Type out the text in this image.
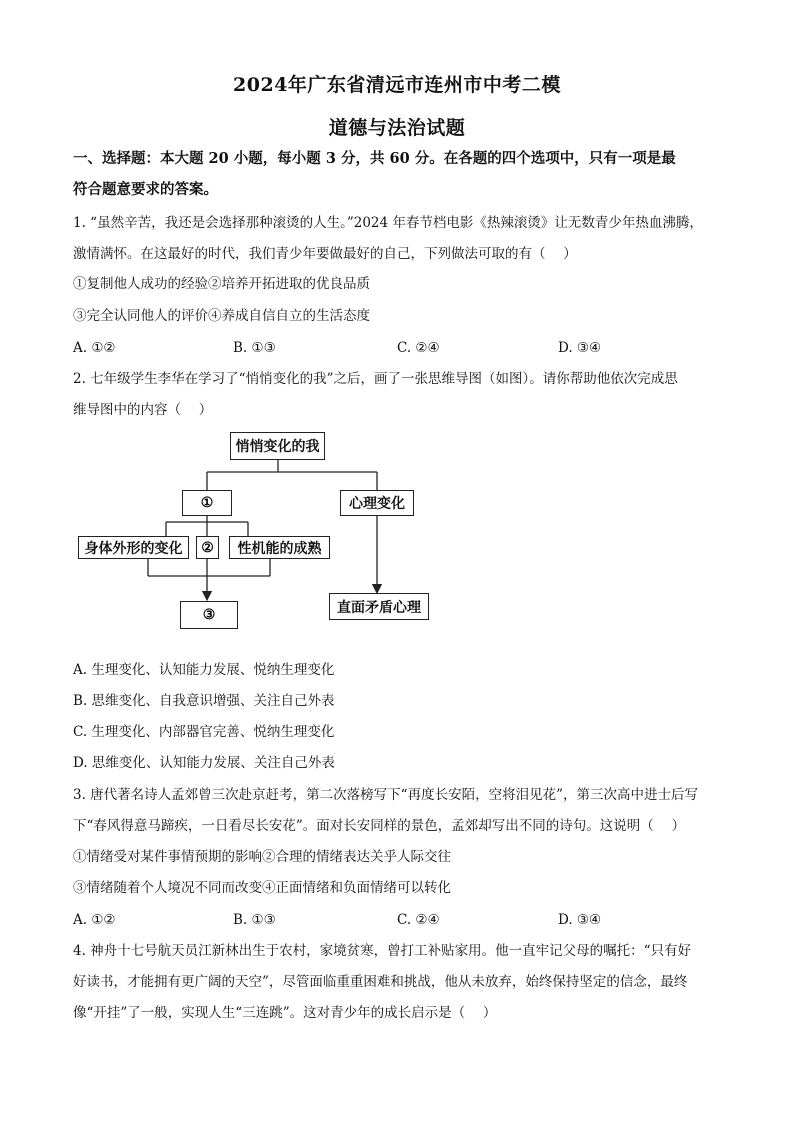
2024年广东省清远市连州市中考二模
道德与法治试题
一、选择题：本大题 20 小题，每小题 3 分，共 60 分。在各题的四个选项中，只有一项是最
符合题意要求的答案。
1. “虽然辛苦，我还是会选择那种滚烫的人生。”2024 年春节档电影《热辣滚烫》让无数青少年热血沸腾，
激情满怀。在这最好的时代，我们青少年要做最好的自己，下列做法可取的有（　 ）
①复制他人成功的经验②培养开拓进取的优良品质
③完全认同他人的评价④养成自信自立的生活态度
A. ①②	B. ①③	C. ②④	D. ③④
2. 七年级学生李华在学习了“悄悄变化的我”之后，画了一张思维导图（如图）。请你帮助他依次完成思
维导图中的内容（　 ）
悄悄变化的我
①	心理变化
身体外形的变化	②	性机能的成熟
③	直面矛盾心理
A. 生理变化、认知能力发展、悦纳生理变化
B. 思维变化、自我意识增强、关注自己外表
C. 生理变化、内部器官完善、悦纳生理变化
D. 思维变化、认知能力发展、关注自己外表
3. 唐代著名诗人孟郊曾三次赴京赶考，第二次落榜写下“再度长安陌，空将泪见花”，第三次高中进士后写
下“春风得意马蹄疾，一日看尽长安花”。面对长安同样的景色，孟郊却写出不同的诗句。这说明（　 ）
①情绪受对某件事情预期的影响②合理的情绪表达关乎人际交往
③情绪随着个人境况不同而改变④正面情绪和负面情绪可以转化
A. ①②	B. ①③	C. ②④	D. ③④
4. 神舟十七号航天员江新林出生于农村，家境贫寒，曾打工补贴家用。他一直牢记父母的嘱托：“只有好
好读书，才能拥有更广阔的天空”，尽管面临重重困难和挑战，他从未放弃，始终保持坚定的信念，最终
像“开挂”了一般，实现人生“三连跳”。这对青少年的成长启示是（　 ）
